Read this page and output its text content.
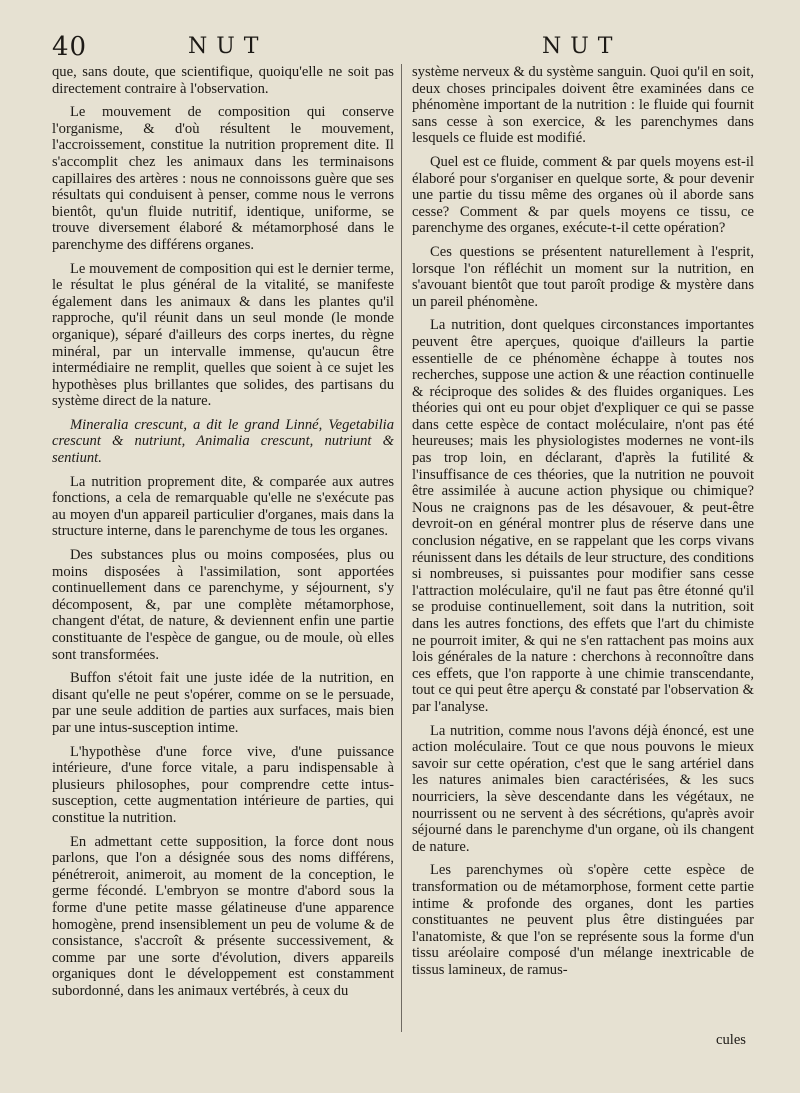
40	NUT	NUT

que, sans doute, que scientifique, quoiqu'elle ne soit pas directement contraire à l'observation.

Le mouvement de composition qui conserve l'organisme, & d'où résultent le mouvement, l'accroissement, constitue la nutrition proprement dite. Il s'accomplit chez les animaux dans les terminaisons capillaires des artères : nous ne connoissons guère que ses résultats qui conduisent à penser, comme nous le verrons bientôt, qu'un fluide nutritif, identique, uniforme, se trouve diversement élaboré & métamorphosé dans le parenchyme des différens organes.

Le mouvement de composition qui est le dernier terme, le résultat le plus général de la vitalité, se manifeste également dans les animaux & dans les plantes qu'il rapproche, qu'il réunit dans un seul monde (le monde organique), séparé d'ailleurs des corps inertes, du règne minéral, par un intervalle immense, qu'aucun être intermédiaire ne remplit, quelles que soient à ce sujet les hypothèses plus brillantes que solides, des partisans du système direct de la nature.

Mineralia crescunt, a dit le grand Linné, Vegetabilia crescunt & nutriunt, Animalia crescunt, nutriunt & sentiunt.

La nutrition proprement dite, & comparée aux autres fonctions, a cela de remarquable qu'elle ne s'exécute pas au moyen d'un appareil particulier d'organes, mais dans la structure interne, dans le parenchyme de tous les organes.

Des substances plus ou moins composées, plus ou moins disposées à l'assimilation, sont apportées continuellement dans ce parenchyme, y séjournent, s'y décomposent, &, par une complète métamorphose, changent d'état, de nature, & deviennent enfin une partie constituante de l'espèce de gangue, ou de moule, où elles sont transformées.

Buffon s'étoit fait une juste idée de la nutrition, en disant qu'elle ne peut s'opérer, comme on se le persuade, par une seule addition de parties aux surfaces, mais bien par une intus-susception intime.

L'hypothèse d'une force vive, d'une puissance intérieure, d'une force vitale, a paru indispensable à plusieurs philosophes, pour comprendre cette intus-susception, cette augmentation intérieure de parties, qui constitue la nutrition.

En admettant cette supposition, la force dont nous parlons, que l'on a désignée sous des noms différens, pénétreroit, animeroit, au moment de la conception, le germe fécondé. L'embryon se montre d'abord sous la forme d'une petite masse gélatineuse d'une apparence homogène, prend insensiblement un peu de volume & de consistance, s'accroît & présente successivement, & comme par une sorte d'évolution, divers appareils organiques dont le développement est constamment subordonné, dans les animaux vertébrés, à ceux du

système nerveux & du système sanguin. Quoi qu'il en soit, deux choses principales doivent être examinées dans ce phénomène important de la nutrition : le fluide qui fournit sans cesse à son exercice, & les parenchymes dans lesquels ce fluide est modifié.

Quel est ce fluide, comment & par quels moyens est-il élaboré pour s'organiser en quelque sorte, & pour devenir une partie du tissu même des organes où il aborde sans cesse? Comment & par quels moyens ce tissu, ce parenchyme des organes, exécute-t-il cette opération?

Ces questions se présentent naturellement à l'esprit, lorsque l'on réfléchit un moment sur la nutrition, en s'avouant bientôt que tout paroît prodige & mystère dans un pareil phénomène.

La nutrition, dont quelques circonstances importantes peuvent être aperçues, quoique d'ailleurs la partie essentielle de ce phénomène échappe à toutes nos recherches, suppose une action & une réaction continuelle & réciproque des solides & des fluides organiques. Les théories qui ont eu pour objet d'expliquer ce qui se passe dans cette espèce de contact moléculaire, n'ont pas été heureuses; mais les physiologistes modernes ne vont-ils pas trop loin, en déclarant, d'après la futilité & l'insuffisance de ces théories, que la nutrition ne pouvoit être assimilée à aucune action physique ou chimique? Nous ne craignons pas de les désavouer, & peut-être devroit-on en général montrer plus de réserve dans une conclusion négative, en se rappelant que les corps vivans réunissent dans les détails de leur structure, des conditions si nombreuses, si puissantes pour modifier sans cesse l'attraction moléculaire, qu'il ne faut pas être étonné qu'il se produise continuellement, soit dans la nutrition, soit dans les autres fonctions, des effets que l'art du chimiste ne pourroit imiter, & qui ne s'en rattachent pas moins aux lois générales de la nature : cherchons à reconnoître dans ces effets, que l'on rapporte à une chimie transcendante, tout ce qui peut être aperçu & constaté par l'observation & par l'analyse.

La nutrition, comme nous l'avons déjà énoncé, est une action moléculaire. Tout ce que nous pouvons le mieux savoir sur cette opération, c'est que le sang artériel dans les natures animales bien caractérisées, & les sucs nourriciers, la sève descendante dans les végétaux, ne nourrissent ou ne servent à des sécrétions, qu'après avoir séjourné dans le parenchyme d'un organe, où ils changent de nature.

Les parenchymes où s'opère cette espèce de transformation ou de métamorphose, forment cette partie intime & profonde des organes, dont les parties constituantes ne peuvent plus être distinguées par l'anatomiste, & que l'on se représente sous la forme d'un tissu aréolaire composé d'un mélange inextricable de tissus lamineux, de ramus-

cules
